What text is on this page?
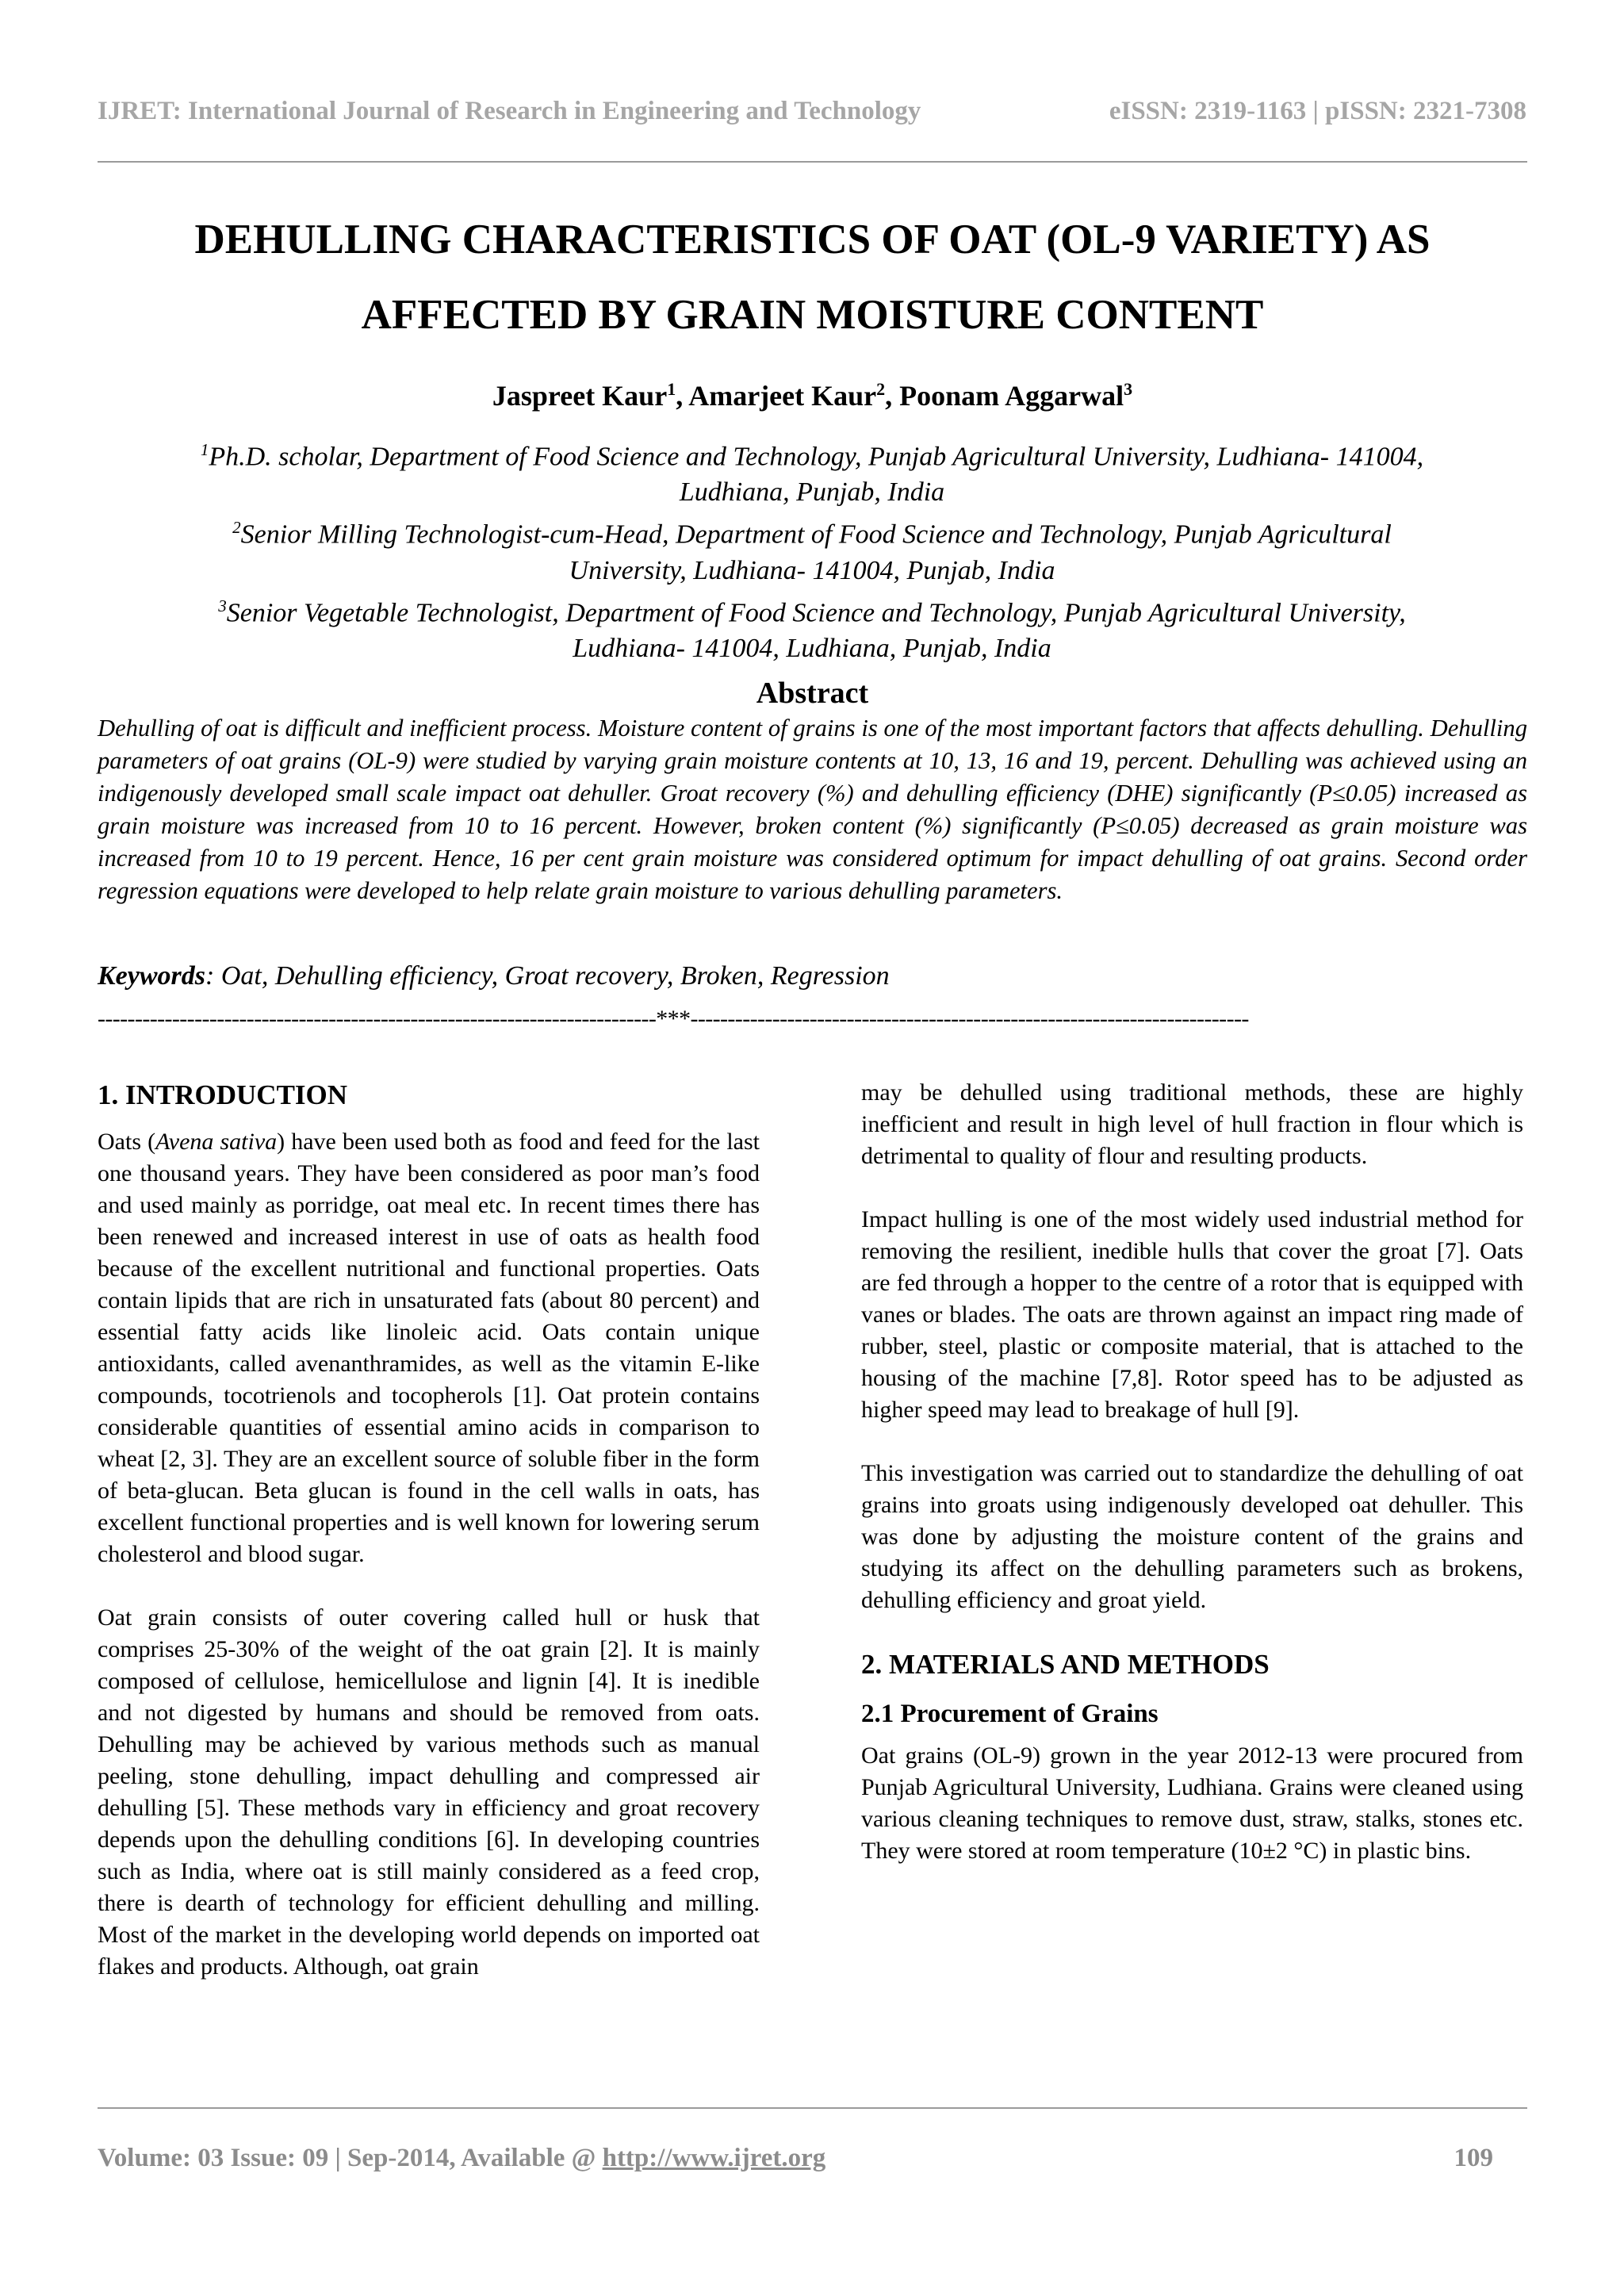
IJRET: International Journal of Research in Engineering and Technology	eISSN: 2319-1163 | pISSN: 2321-7308
DEHULLING CHARACTERISTICS OF OAT (OL-9 VARIETY) AS
AFFECTED BY GRAIN MOISTURE CONTENT
Jaspreet Kaur$^1$, Amarjeet Kaur$^2$, Poonam Aggarwal$^3$
$^1$Ph.D. scholar, Department of Food Science and Technology, Punjab Agricultural University, Ludhiana- 141004,
Ludhiana, Punjab, India
$^2$Senior Milling Technologist-cum-Head, Department of Food Science and Technology, Punjab Agricultural
University, Ludhiana- 141004, Punjab, India
$^3$Senior Vegetable Technologist, Department of Food Science and Technology, Punjab Agricultural University,
Ludhiana- 141004, Ludhiana, Punjab, India
Abstract
Dehulling of oat is difficult and inefficient process. Moisture content of grains is one of the most important factors that affects dehulling. Dehulling parameters of oat grains (OL-9) were studied by varying grain moisture contents at 10, 13, 16 and 19, percent. Dehulling was achieved using an indigenously developed small scale impact oat dehuller. Groat recovery (%) and dehulling efficiency (DHE) significantly (P≤0.05) increased as grain moisture was increased from 10 to 16 percent. However, broken content (%) significantly (P≤0.05) decreased as grain moisture was increased from 10 to 19 percent. Hence, 16 per cent grain moisture was considered optimum for impact dehulling of oat grains. Second order regression equations were developed to help relate grain moisture to various dehulling parameters.
Keywords: Oat, Dehulling efficiency, Groat recovery, Broken, Regression
---------------------------------------------------------------------------***---------------------------------------------------------------------------
1. INTRODUCTION

Oats (Avena sativa) have been used both as food and feed for the last one thousand years. They have been considered as poor man’s food and used mainly as porridge, oat meal etc. In recent times there has been renewed and increased interest in use of oats as health food because of the excellent nutritional and functional properties. Oats contain lipids that are rich in unsaturated fats (about 80 percent) and essential fatty acids like linoleic acid. Oats contain unique antioxidants, called avenanthramides, as well as the vitamin E-like compounds, tocotrienols and tocopherols [1]. Oat protein contains considerable quantities of essential amino acids in comparison to wheat [2, 3]. They are an excellent source of soluble fiber in the form of beta-glucan. Beta glucan is found in the cell walls in oats, has excellent functional properties and is well known for lowering serum cholesterol and blood sugar.

Oat grain consists of outer covering called hull or husk that comprises 25-30% of the weight of the oat grain [2]. It is mainly composed of cellulose, hemicellulose and lignin [4]. It is inedible and not digested by humans and should be removed from oats. Dehulling may be achieved by various methods such as manual peeling, stone dehulling, impact dehulling and compressed air dehulling [5]. These methods vary in efficiency and groat recovery depends upon the dehulling conditions [6]. In developing countries such as India, where oat is still mainly considered as a feed crop, there is dearth of technology for efficient dehulling and milling. Most of the market in the developing world depends on imported oat flakes and products. Although, oat grain

may be dehulled using traditional methods, these are highly inefficient and result in high level of hull fraction in flour which is detrimental to quality of flour and resulting products.

Impact hulling is one of the most widely used industrial method for removing the resilient, inedible hulls that cover the groat [7]. Oats are fed through a hopper to the centre of a rotor that is equipped with vanes or blades. The oats are thrown against an impact ring made of rubber, steel, plastic or composite material, that is attached to the housing of the machine [7,8]. Rotor speed has to be adjusted as higher speed may lead to breakage of hull [9].

This investigation was carried out to standardize the dehulling of oat grains into groats using indigenously developed oat dehuller. This was done by adjusting the moisture content of the grains and studying its affect on the dehulling parameters such as brokens, dehulling efficiency and groat yield.

2. MATERIALS AND METHODS
2.1 Procurement of Grains

Oat grains (OL-9) grown in the year 2012-13 were procured from Punjab Agricultural University, Ludhiana. Grains were cleaned using various cleaning techniques to remove dust, straw, stalks, stones etc. They were stored at room temperature (10±2 °C) in plastic bins.

Volume: 03 Issue: 09 | Sep-2014, Available @ http://www.ijret.org	109
